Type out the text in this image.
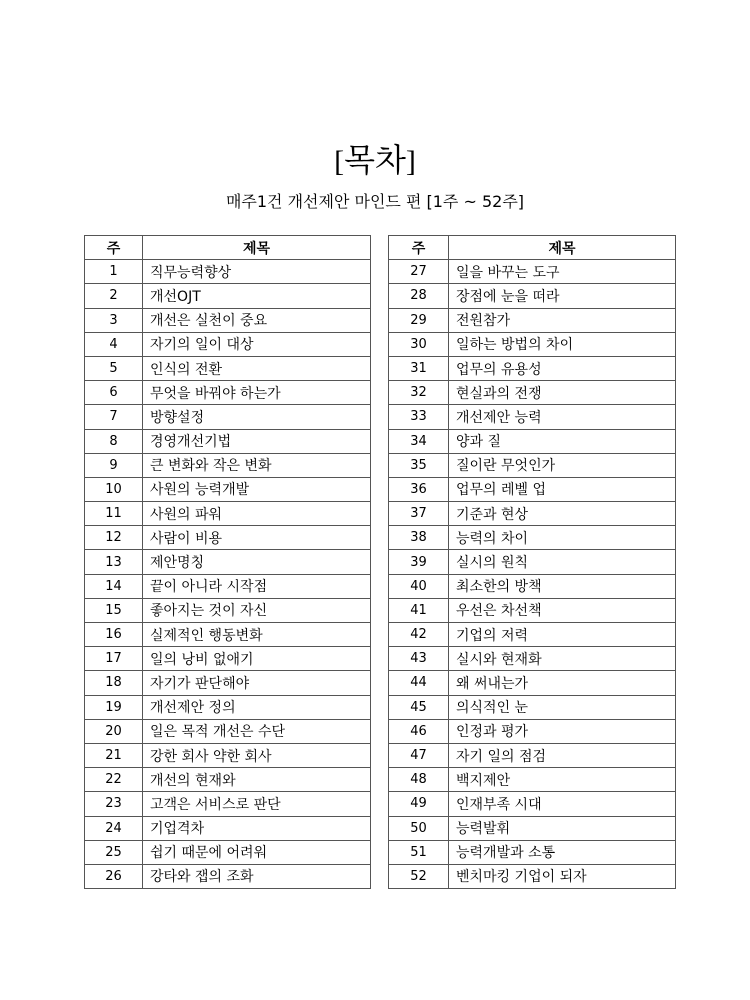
[목차]
매주1건 개선제안 마인드 편 [1주 ~ 52주]
주	제목
1	직무능력향상
2	개선OJT
3	개선은 실천이 중요
4	자기의 일이 대상
5	인식의 전환
6	무엇을 바꿔야 하는가
7	방향설정
8	경영개선기법
9	큰 변화와 작은 변화
10	사원의 능력개발
11	사원의 파워
12	사람이 비용
13	제안명칭
14	끝이 아니라 시작점
15	좋아지는 것이 자신
16	실제적인 행동변화
17	일의 낭비 없애기
18	자기가 판단해야
19	개선제안 정의
20	일은 목적 개선은 수단
21	강한 회사 약한 회사
22	개선의 현재와
23	고객은 서비스로 판단
24	기업격차
25	쉽기 때문에 어려워
26	강타와 잽의 조화
주	제목
27	일을 바꾸는 도구
28	장점에 눈을 떠라
29	전원참가
30	일하는 방법의 차이
31	업무의 유용성
32	현실과의 전쟁
33	개선제안 능력
34	양과 질
35	질이란 무엇인가
36	업무의 레벨 업
37	기준과 현상
38	능력의 차이
39	실시의 원칙
40	최소한의 방책
41	우선은 차선책
42	기업의 저력
43	실시와 현재화
44	왜 써내는가
45	의식적인 눈
46	인정과 평가
47	자기 일의 점검
48	백지제안
49	인재부족 시대
50	능력발휘
51	능력개발과 소통
52	벤치마킹 기업이 되자
